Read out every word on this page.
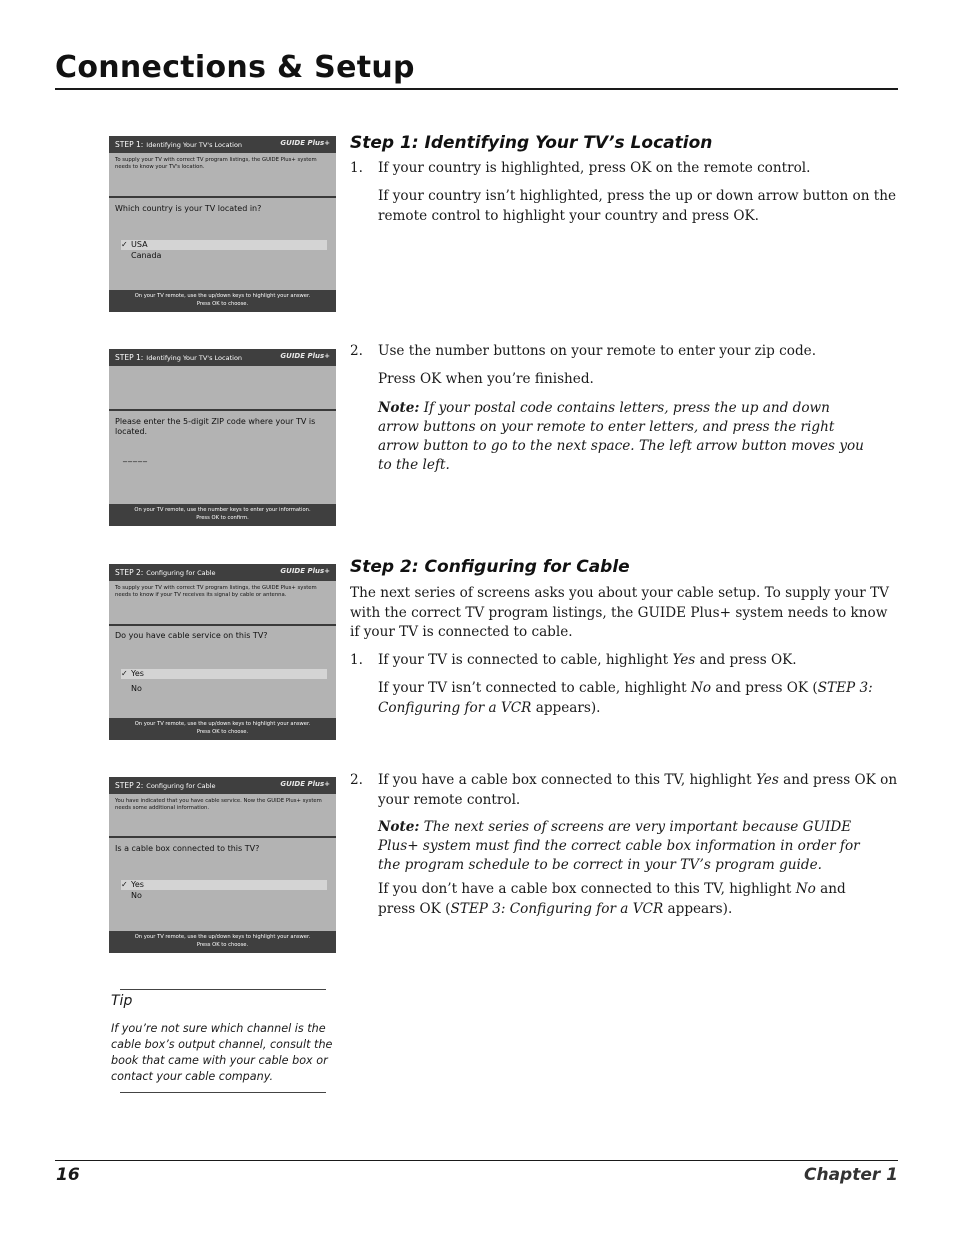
Connections & Setup
STEP 1: Identifying Your TV's Location	GUIDE Plus+
To supply your TV with correct TV program listings, the GUIDE Plus+ system needs to know your TV's location.
Which country is your TV located in?
✓ USA
Canada
On your TV remote, use the up/down keys to highlight your answer.
Press OK to choose.
STEP 1: Identifying Your TV's Location	GUIDE Plus+
Please enter the 5-digit ZIP code where your TV is located.
_____
On your TV remote, use the number keys to enter your information.
Press OK to confirm.
STEP 2: Configuring for Cable	GUIDE Plus+
To supply your TV with correct TV program listings, the GUIDE Plus+ system needs to know if your TV receives its signal by cable or antenna.
Do you have cable service on this TV?
✓ Yes
No
On your TV remote, use the up/down keys to highlight your answer.
Press OK to choose.
STEP 2: Configuring for Cable	GUIDE Plus+
You have indicated that you have cable service. Now the GUIDE Plus+ system needs some additional information.
Is a cable box connected to this TV?
✓ Yes
No
On your TV remote, use the up/down keys to highlight your answer.
Press OK to choose.
Step 1: Identifying Your TV’s Location
1. If your country is highlighted, press OK on the remote control.
If your country isn’t highlighted, press the up or down arrow button on the remote control to highlight your country and press OK.
2. Use the number buttons on your remote to enter your zip code.
Press OK when you’re finished.
Note: If your postal code contains letters, press the up and down arrow buttons on your remote to enter letters, and press the right arrow button to go to the next space. The left arrow button moves you to the left.
Step 2: Configuring for Cable
The next series of screens asks you about your cable setup. To supply your TV with the correct TV program listings, the GUIDE Plus+ system needs to know if your TV is connected to cable.
1. If your TV is connected to cable, highlight Yes and press OK.
If your TV isn’t connected to cable, highlight No and press OK (STEP 3: Configuring for a VCR appears).
2. If you have a cable box connected to this TV, highlight Yes and press OK on your remote control.
Note: The next series of screens are very important because GUIDE Plus+ system must find the correct cable box information in order for the program schedule to be correct in your TV’s program guide.
If you don’t have a cable box connected to this TV, highlight No and press OK (STEP 3: Configuring for a VCR appears).
Tip
If you’re not sure which channel is the cable box’s output channel, consult the book that came with your cable box or contact your cable company.
16	Chapter 1
